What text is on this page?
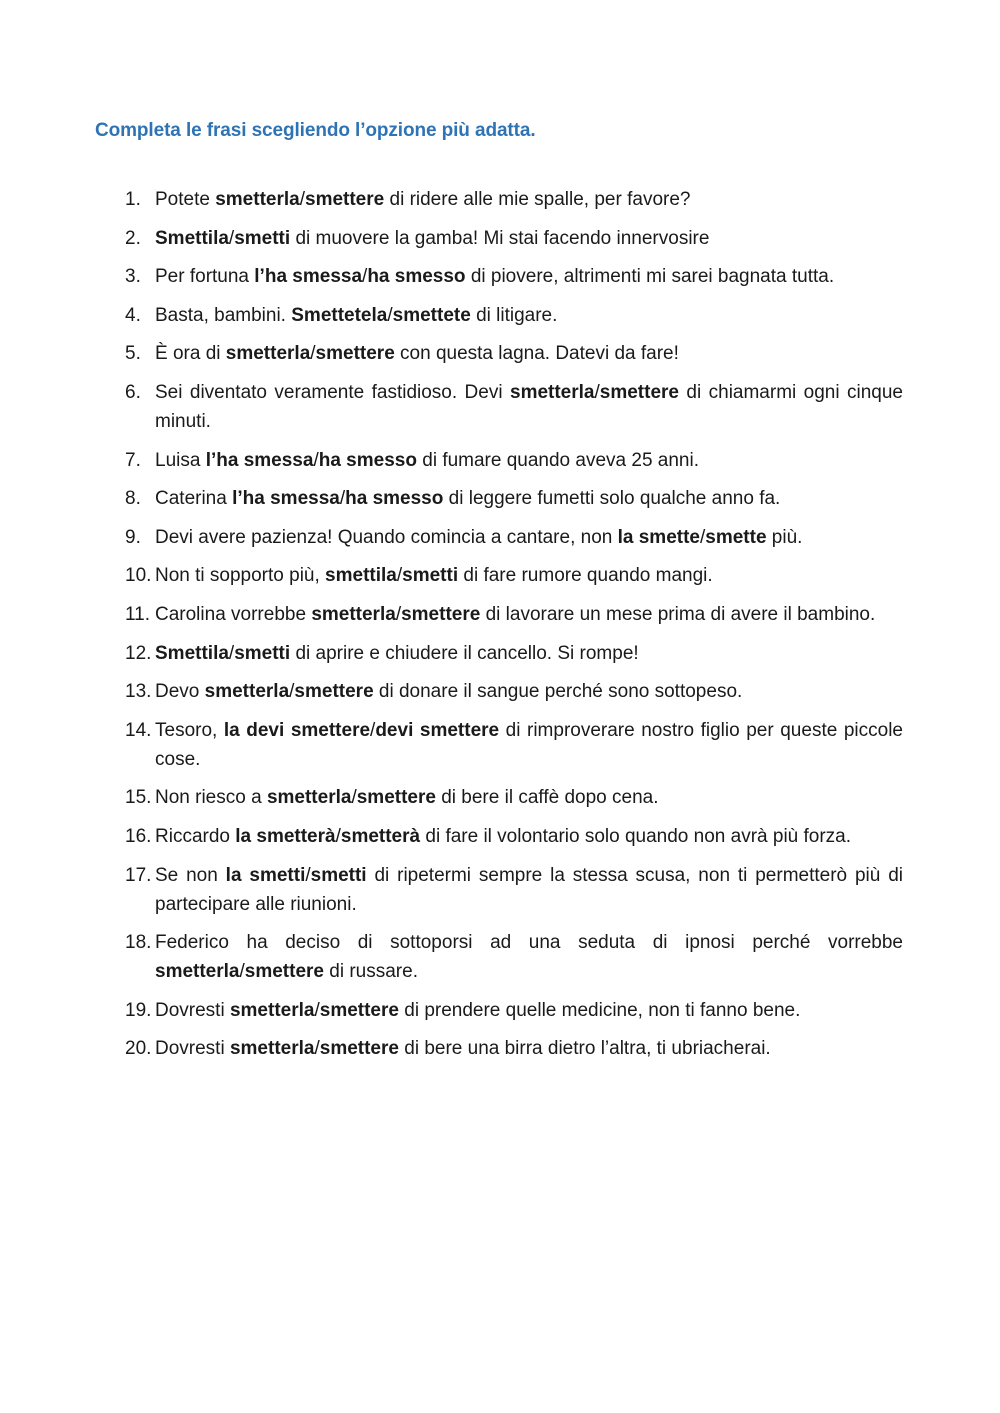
Completa le frasi scegliendo l’opzione più adatta.

1. Potete smetterla/smettere di ridere alle mie spalle, per favore?
2. Smettila/smetti di muovere la gamba! Mi stai facendo innervosire
3. Per fortuna l’ha smessa/ha smesso di piovere, altrimenti mi sarei bagnata tutta.
4. Basta, bambini. Smettetela/smettete di litigare.
5. È ora di smetterla/smettere con questa lagna. Datevi da fare!
6. Sei diventato veramente fastidioso. Devi smetterla/smettere di chiamarmi ogni cinque minuti.
7. Luisa l’ha smessa/ha smesso di fumare quando aveva 25 anni.
8. Caterina l’ha smessa/ha smesso di leggere fumetti solo qualche anno fa.
9. Devi avere pazienza! Quando comincia a cantare, non la smette/smette più.
10. Non ti sopporto più, smettila/smetti di fare rumore quando mangi.
11. Carolina vorrebbe smetterla/smettere di lavorare un mese prima di avere il bambino.
12. Smettila/smetti di aprire e chiudere il cancello. Si rompe!
13. Devo smetterla/smettere di donare il sangue perché sono sottopeso.
14. Tesoro, la devi smettere/devi smettere di rimproverare nostro figlio per queste piccole cose.
15. Non riesco a smetterla/smettere di bere il caffè dopo cena.
16. Riccardo la smetterà/smetterà di fare il volontario solo quando non avrà più forza.
17. Se non la smetti/smetti di ripetermi sempre la stessa scusa, non ti permetterò più di partecipare alle riunioni.
18. Federico ha deciso di sottoporsi ad una seduta di ipnosi perché vorrebbe smetterla/smettere di russare.
19. Dovresti smetterla/smettere di prendere quelle medicine, non ti fanno bene.
20. Dovresti smetterla/smettere di bere una birra dietro l’altra, ti ubriacherai.
